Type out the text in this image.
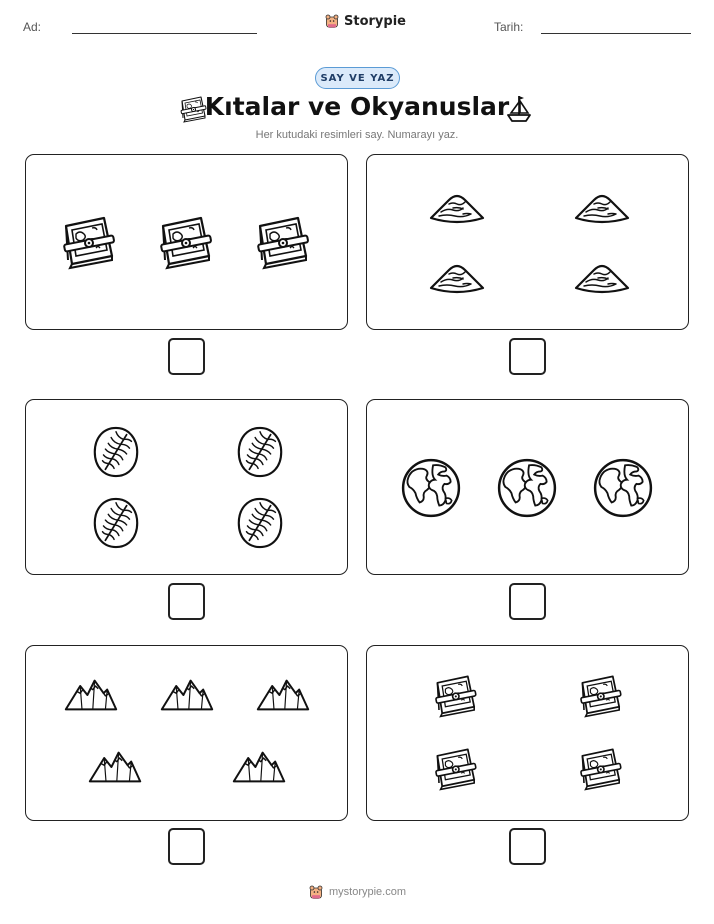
Ad:	Storypie	Tarih:
SAY VE YAZ
Kıtalar ve Okyanuslar
Her kutudaki resimleri say. Numarayı yaz.
mystorypie.com
